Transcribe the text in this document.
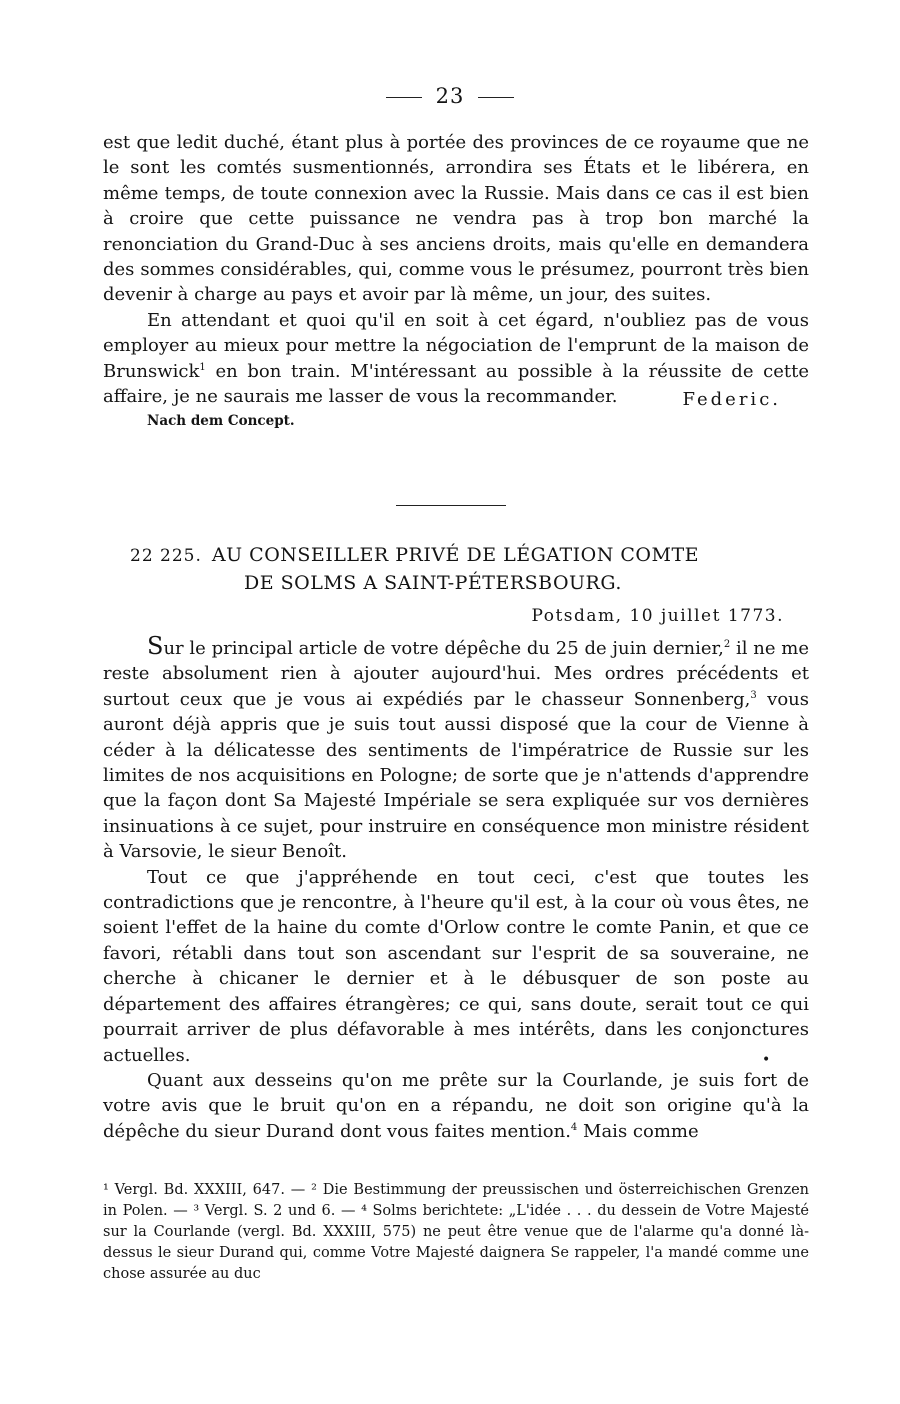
23

est que ledit duché, étant plus à portée des provinces de ce royaume que ne le sont les comtés susmentionnés, arrondira ses États et le libérera, en même temps, de toute connexion avec la Russie. Mais dans ce cas il est bien à croire que cette puissance ne vendra pas à trop bon marché la renonciation du Grand-Duc à ses anciens droits, mais qu'elle en demandera des sommes considérables, qui, comme vous le présumez, pourront très bien devenir à charge au pays et avoir par là même, un jour, des suites.

En attendant et quoi qu'il en soit à cet égard, n'oubliez pas de vous employer au mieux pour mettre la négociation de l'emprunt de la maison de Brunswick$^1$ en bon train. M'intéressant au possible à la réussite de cette affaire, je ne saurais me lasser de vous la recommander.

Nach dem Concept.
Federic.
22 225. AU CONSEILLER PRIVÉ DE LÉGATION COMTE
DE SOLMS A SAINT-PÉTERSBOURG.
Potsdam, 10 juillet 1773.

Sur le principal article de votre dépêche du 25 de juin dernier,$^2$ il ne me reste absolument rien à ajouter aujourd'hui. Mes ordres précédents et surtout ceux que je vous ai expédiés par le chasseur Sonnenberg,$^3$ vous auront déjà appris que je suis tout aussi disposé que la cour de Vienne à céder à la délicatesse des sentiments de l'impératrice de Russie sur les limites de nos acquisitions en Pologne; de sorte que je n'attends d'apprendre que la façon dont Sa Majesté Impériale se sera expliquée sur vos dernières insinuations à ce sujet, pour instruire en conséquence mon ministre résident à Varsovie, le sieur Benoît.

Tout ce que j'appréhende en tout ceci, c'est que toutes les contradictions que je rencontre, à l'heure qu'il est, à la cour où vous êtes, ne soient l'effet de la haine du comte d'Orlow contre le comte Panin, et que ce favori, rétabli dans tout son ascendant sur l'esprit de sa souveraine, ne cherche à chicaner le dernier et à le débusquer de son poste au département des affaires étrangères; ce qui, sans doute, serait tout ce qui pourrait arriver de plus défavorable à mes intérêts, dans les conjonctures actuelles.

Quant aux desseins qu'on me prête sur la Courlande, je suis fort de votre avis que le bruit qu'on en a répandu, ne doit son origine qu'à la dépêche du sieur Durand dont vous faites mention.$^4$ Mais comme

•

¹ Vergl. Bd. XXXIII, 647. — ² Die Bestimmung der preussischen und österreichischen Grenzen in Polen. — ³ Vergl. S. 2 und 6. — ⁴ Solms berichtete: „L'idée . . . du dessein de Votre Majesté sur la Courlande (vergl. Bd. XXXIII, 575) ne peut être venue que de l'alarme qu'a donné là-dessus le sieur Durand qui, comme Votre Majesté daignera Se rappeler, l'a mandé comme une chose assurée au duc
